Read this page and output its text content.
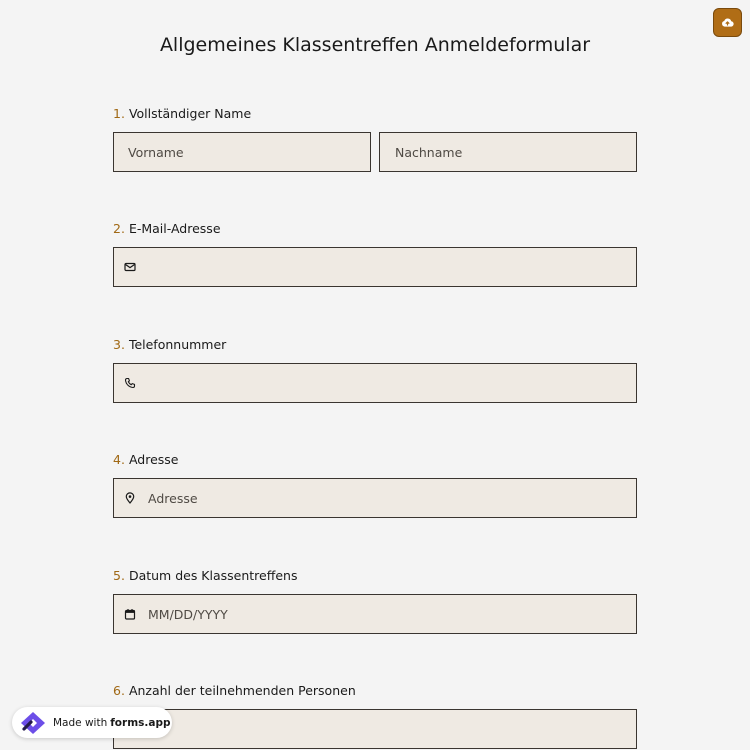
Allgemeines Klassentreffen Anmeldeformular
1. Vollständiger Name
Vorname	Nachname
2. E-Mail-Adresse
3. Telefonnummer
4. Adresse
Adresse
5. Datum des Klassentreffens
MM/DD/YYYY
6. Anzahl der teilnehmenden Personen
Made with forms.app
